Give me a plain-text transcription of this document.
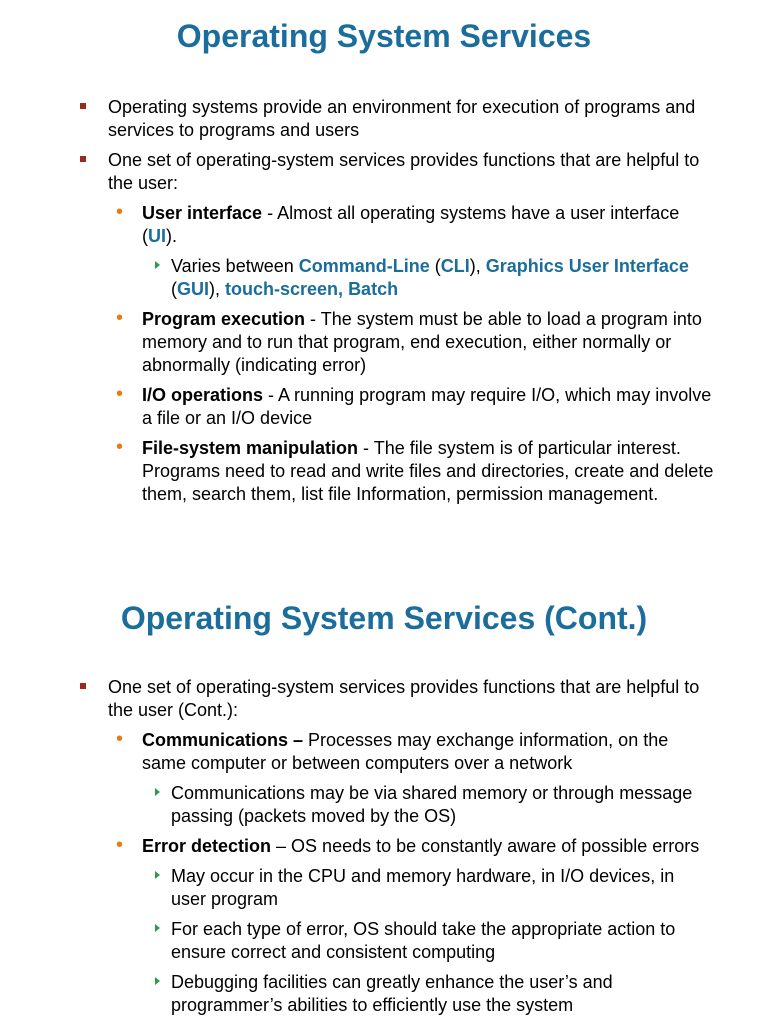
Operating System Services
Operating systems provide an environment for execution of programs and services to programs and users
One set of operating-system services provides functions that are helpful to the user:
• User interface - Almost all operating systems have a user interface (UI).
Varies between Command-Line (CLI), Graphics User Interface (GUI), touch-screen, Batch
• Program execution - The system must be able to load a program into memory and to run that program, end execution, either normally or abnormally (indicating error)
• I/O operations - A running program may require I/O, which may involve a file or an I/O device
• File-system manipulation - The file system is of particular interest. Programs need to read and write files and directories, create and delete them, search them, list file Information, permission management.
Operating System Services (Cont.)
One set of operating-system services provides functions that are helpful to the user (Cont.):
• Communications – Processes may exchange information, on the same computer or between computers over a network
Communications may be via shared memory or through message passing (packets moved by the OS)
• Error detection – OS needs to be constantly aware of possible errors
May occur in the CPU and memory hardware, in I/O devices, in user program
For each type of error, OS should take the appropriate action to ensure correct and consistent computing
Debugging facilities can greatly enhance the user’s and programmer’s abilities to efficiently use the system
